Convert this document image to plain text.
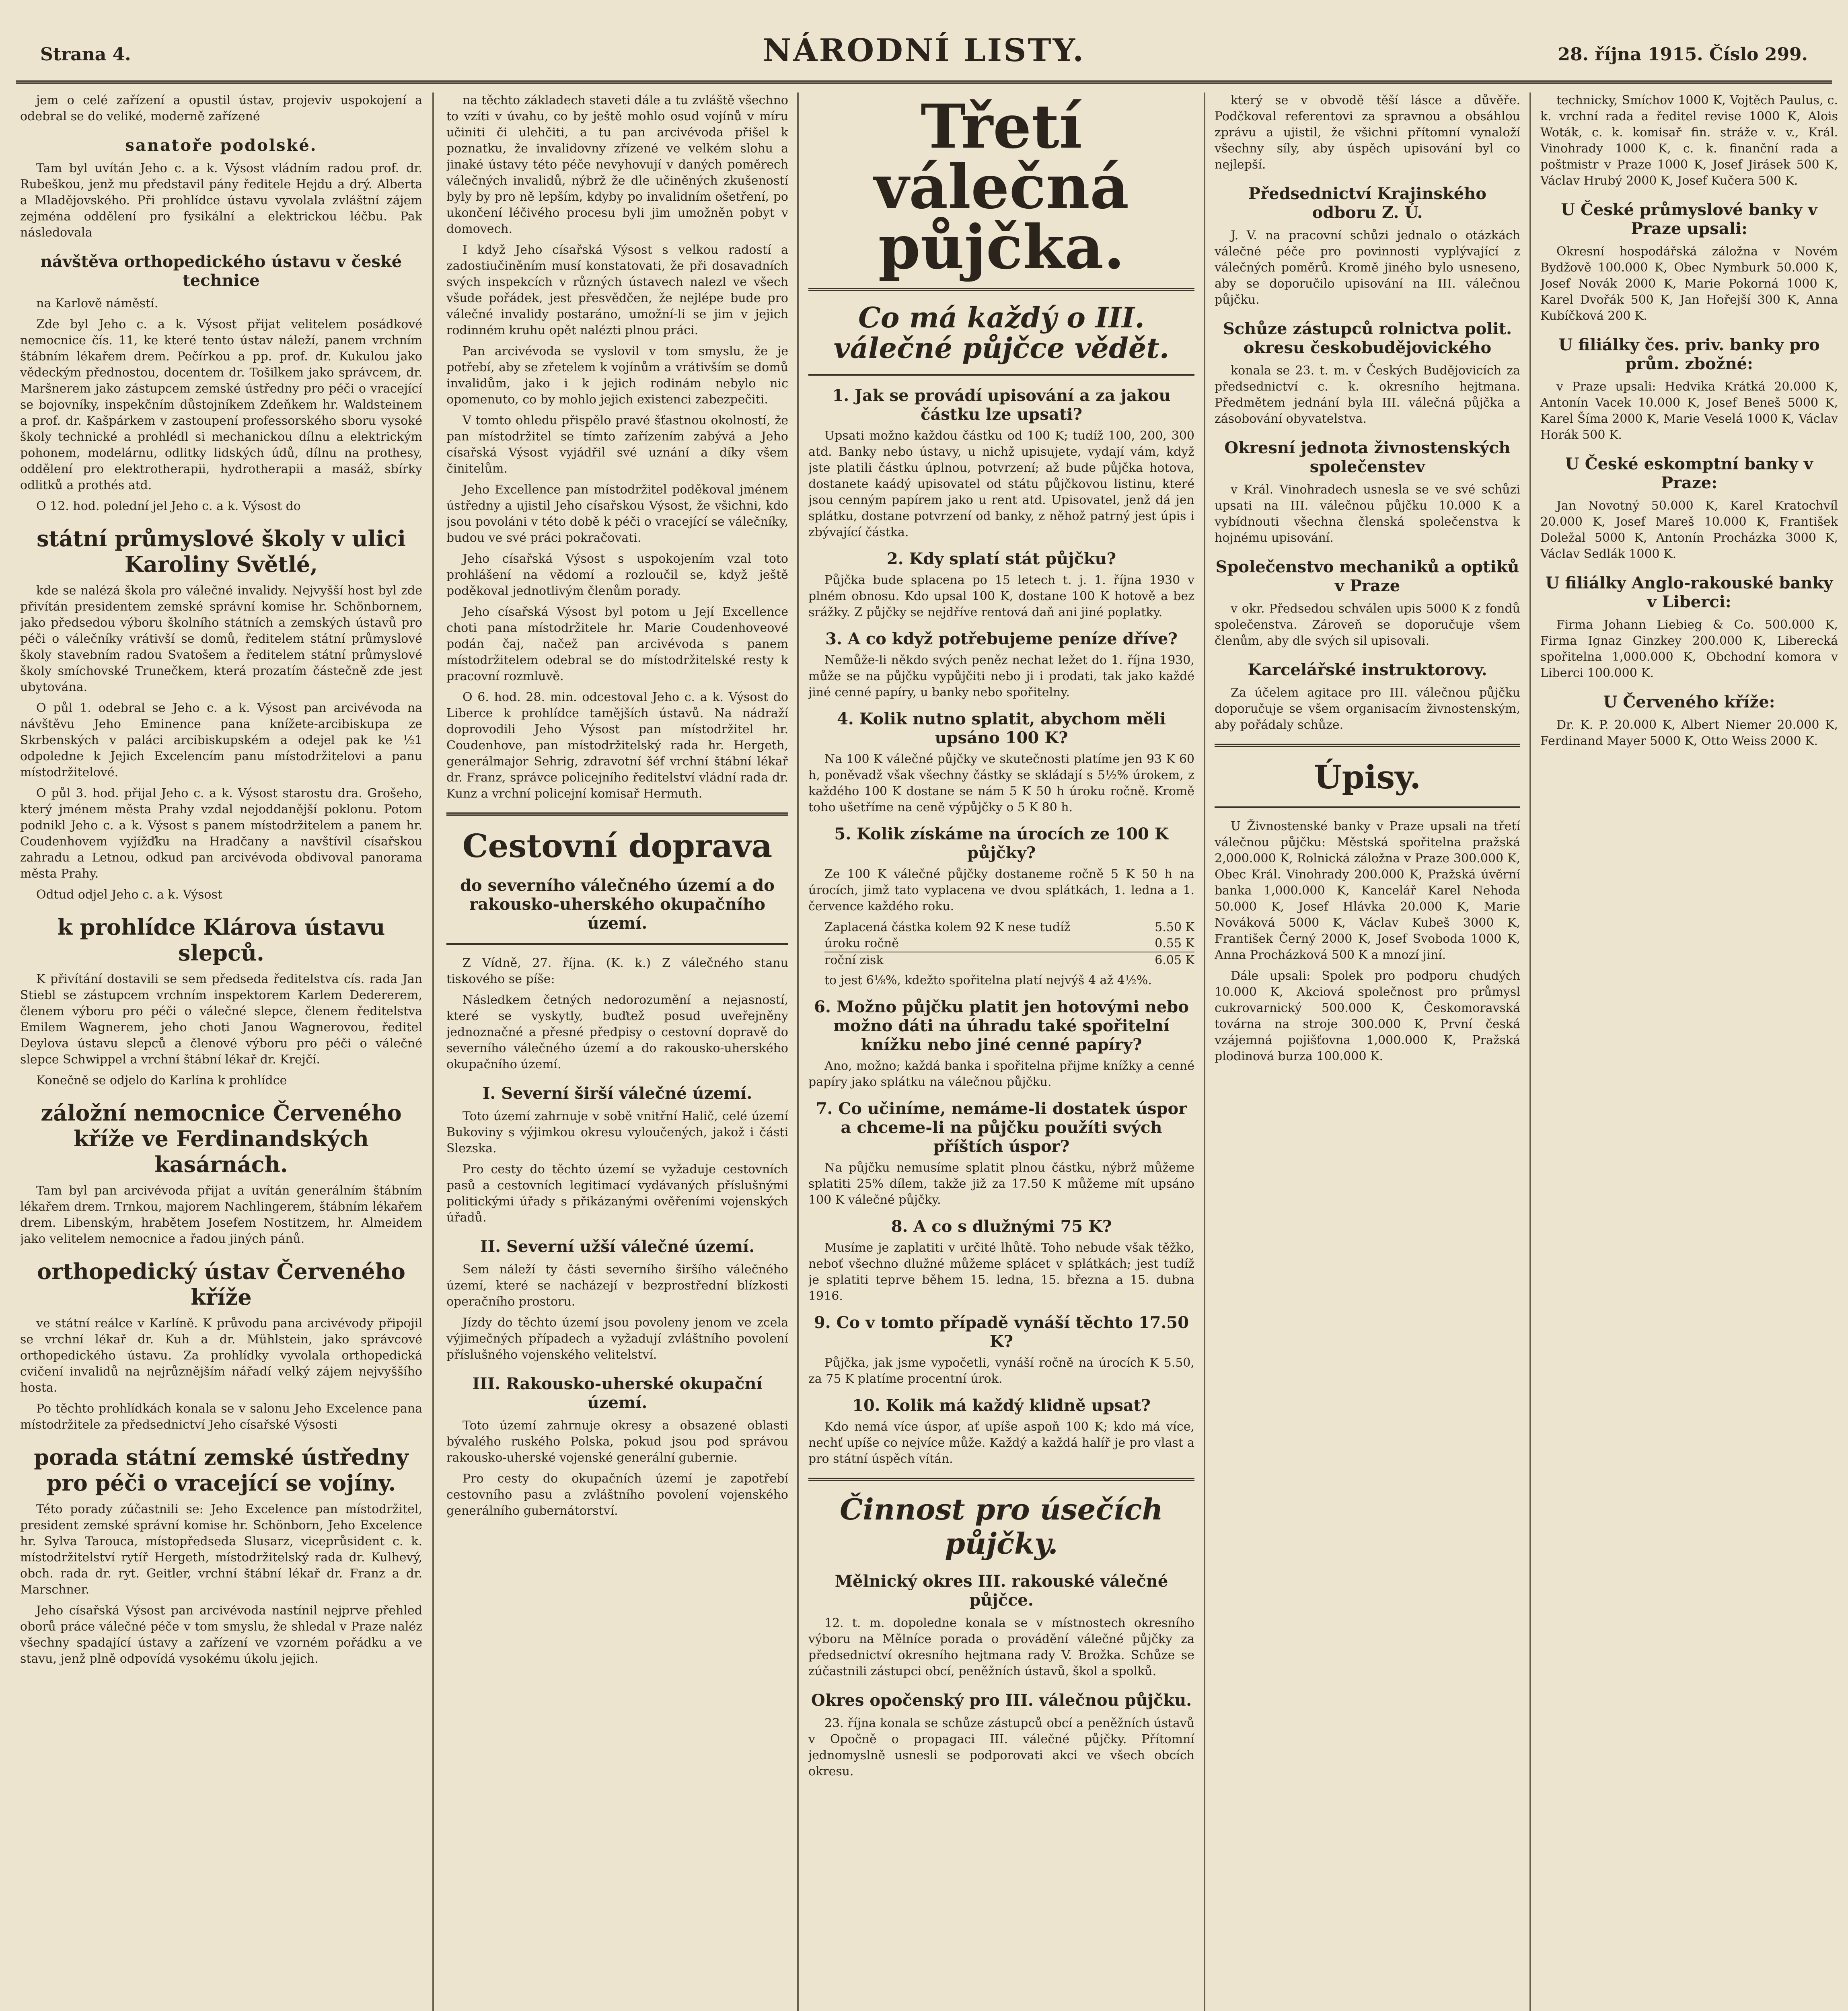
Strana 4.	NÁRODNÍ LISTY.	28. října 1915. Číslo 299.

jem o celé zařízení a opustil ústav, projeviv uspokojení a odebral se do veliké, moderně zařízené

sanatoře podolské.

Tam byl uvítán Jeho c. a k. Výsost vládním radou prof. dr. Rubeškou, jenž mu představil pány ředitele Hejdu a drý. Alberta a Mladějovského. Při prohlídce ústavu vyvolala zvláštní zájem zejména oddělení pro fysikální a elektrickou léčbu. Pak následovala

návštěva orthopedického ústavu v české technice

na Karlově náměstí.

Zde byl Jeho c. a k. Výsost přijat velitelem posádkové nemocnice čís. 11, ke které tento ústav náleží, panem vrchním štábním lékařem drem. Pečírkou a pp. prof. dr. Kukulou jako vědeckým přednostou, docentem dr. Tošilkem jako správcem, dr. Maršnerem jako zástupcem zemské ústředny pro péči o vracející se bojovníky, inspekčním důstojníkem Zdeňkem hr. Waldsteinem a prof. dr. Kašpárkem v zastoupení professorského sboru vysoké školy technické a prohlédl si mechanickou dílnu a elektrickým pohonem, modelárnu, odlitky lidských údů, dílnu na prothesy, oddělení pro elektrotherapii, hydrotherapii a masáž, sbírky odlitků a prothés atd.

O 12. hod. polední jel Jeho c. a k. Výsost do

státní průmyslové školy v ulici Karoliny Světlé,

kde se nalézá škola pro válečné invalidy. Nejvyšší host byl zde přivítán presidentem zemské správní komise hr. Schönbornem, jako předsedou výboru školního státních a zemských ústavů pro péči o válečníky vrátivší se domů, ředitelem státní průmyslové školy stavebním radou Svatošem a ředitelem státní průmyslové školy smíchovské Trunečkem, která prozatím částečně zde jest ubytována.

O půl 1. odebral se Jeho c. a k. Výsost pan arcivévoda na návštěvu Jeho Eminence pana knížete-arcibiskupa ze Skrbenských v paláci arcibiskupském a odejel pak ke ½1 odpoledne k Jejich Excelencím panu místodržitelovi a panu místodržitelové.

O půl 3. hod. přijal Jeho c. a k. Výsost starostu dra. Grošeho, který jménem města Prahy vzdal nejoddanější poklonu. Potom podnikl Jeho c. a k. Výsost s panem místodržitelem a panem hr. Coudenhovem vyjížďku na Hradčany a navštívil císařskou zahradu a Letnou, odkud pan arcivévoda obdivoval panorama města Prahy.

Odtud odjel Jeho c. a k. Výsost

k prohlídce Klárova ústavu slepců.

K přivítání dostavili se sem předseda ředitelstva cís. rada Jan Stiebl se zástupcem vrchním inspektorem Karlem Dedererem, členem výboru pro péči o válečné slepce, členem ředitelstva Emilem Wagnerem, jeho choti Janou Wagnerovou, ředitel Deylova ústavu slepců a členové výboru pro péči o válečné slepce Schwippel a vrchní štábní lékař dr. Krejčí.

Konečně se odjelo do Karlína k prohlídce

záložní nemocnice Červeného kříže ve Ferdinandských kasárnách.

Tam byl pan arcivévoda přijat a uvítán generálním štábním lékařem drem. Trnkou, majorem Nachlingerem, štábním lékařem drem. Libenským, hrabětem Josefem Nostitzem, hr. Almeidem jako velitelem nemocnice a řadou jiných pánů.

orthopedický ústav Červeného kříže

ve státní reálce v Karlíně. K průvodu pana arcivévody připojil se vrchní lékař dr. Kuh a dr. Mühlstein, jako správcové orthopedického ústavu. Za prohlídky vyvolala orthopedická cvičení invalidů na nejrůznějším nářadí velký zájem nejvyššího hosta.

Po těchto prohlídkách konala se v salonu Jeho Excelence pana místodržitele za předsednictví Jeho císařské Výsosti

porada státní zemské ústředny pro péči o vracející se vojíny.

Této porady zúčastnili se: Jeho Excelence pan místodržitel, president zemské správní komise hr. Schönborn, Jeho Excelence hr. Sylva Tarouca, místopředseda Slusarz, viceprůsident c. k. místodržitelství rytíř Hergeth, místodržitelský rada dr. Kulhevý, obch. rada dr. ryt. Geitler, vrchní štábní lékař dr. Franz a dr. Marschner.

Jeho císařská Výsost pan arcivévoda nastínil nejprve přehled oborů práce válečné péče v tom smyslu, že shledal v Praze naléz všechny spadající ústavy a zařízení ve vzorném pořádku a ve stavu, jenž plně odpovídá vysokému úkolu jejich.

na těchto základech staveti dále a tu zvláště všechno to vzíti v úvahu, co by ještě mohlo osud vojínů v míru učiniti či ulehčiti, a tu pan arcivévoda přišel k poznatku, že invalidovny zřízené ve velkém slohu a jinaké ústavy této péče nevyhovují v daných poměrech válečných invalidů, nýbrž že dle učiněných zkušeností byly by pro ně lepším, kdyby po invalidním ošetření, po ukončení léčivého procesu byli jim umožněn pobyt v domovech.

I když Jeho císařská Výsost s velkou radostí a zadostiučiněním musí konstatovati, že při dosavadních svých inspekcích v různých ústavech nalezl ve všech všude pořádek, jest přesvědčen, že nejlépe bude pro válečné invalidy postaráno, umožní-li se jim v jejich rodinném kruhu opět nalézti plnou práci.

Pan arcivévoda se vyslovil v tom smyslu, že je potřebí, aby se zřetelem k vojínům a vrátivším se domů invalidům, jako i k jejich rodinám nebylo nic opomenuto, co by mohlo jejich existenci zabezpečiti.

V tomto ohledu přispělo pravé šťastnou okolností, že pan místodržitel se tímto zařízením zabývá a Jeho císařská Výsost vyjádřil své uznání a díky všem činitelům.

Jeho Excellence pan místodržitel poděkoval jménem ústředny a ujistil Jeho císařskou Výsost, že všichni, kdo jsou povoláni v této době k péči o vracející se válečníky, budou ve své práci pokračovati.

Jeho císařská Výsost s uspokojením vzal toto prohlášení na vědomí a rozloučil se, když ještě poděkoval jednotlivým členům porady.

Jeho císařská Výsost byl potom u Její Excellence choti pana místodržitele hr. Marie Coudenhoveové podán čaj, načež pan arcivévoda s panem místodržitelem odebral se do místodržitelské resty k pracovní rozmluvě.

O 6. hod. 28. min. odcestoval Jeho c. a k. Výsost do Liberce k prohlídce tamějších ústavů. Na nádraží doprovodili Jeho Výsost pan místodržitel hr. Coudenhove, pan místodržitelský rada hr. Hergeth, generálmajor Sehrig, zdravotní šéf vrchní štábní lékař dr. Franz, správce policejního ředitelství vládní rada dr. Kunz a vrchní policejní komisař Hermuth.

Cestovní doprava
do severního válečného území a do rakousko-uherského okupačního území.

Z Vídně, 27. října. (K. k.) Z válečného stanu tiskového se píše:

Následkem četných nedorozumění a nejasností, které se vyskytly, buďtež posud uveřejněny jednoznačné a přesné předpisy o cestovní dopravě do severního válečného území a do rakousko-uherského okupačního území.

I. Severní širší válečné území.

Toto území zahrnuje v sobě vnitřní Halič, celé území Bukoviny s výjimkou okresu vyloučených, jakož i části Slezska.

Pro cesty do těchto území se vyžaduje cestovních pasů a cestovních legitimací vydávaných příslušnými politickými úřady s přikázanými ověřeními vojenských úřadů.

II. Severní užší válečné území.

Sem náleží ty části severního širšího válečného území, které se nacházejí v bezprostřední blízkosti operačního prostoru.

Jízdy do těchto území jsou povoleny jenom ve zcela výjimečných případech a vyžadují zvláštního povolení příslušného vojenského velitelství.

III. Rakousko-uherské okupační území.

Toto území zahrnuje okresy a obsazené oblasti bývalého ruského Polska, pokud jsou pod správou rakousko-uherské vojenské generální gubernie.

Pro cesty do okupačních území je zapotřebí cestovního pasu a zvláštního povolení vojenského generálního gubernátorství.

Třetí válečná půjčka.
Co má každý o III. válečné půjčce vědět.
1. Jak se provádí upisování a za jakou částku lze upsati?

Upsati možno každou částku od 100 K; tudíž 100, 200, 300 atd. Banky nebo ústavy, u nichž upisujete, vydají vám, když jste platili částku úplnou, potvrzení; až bude půjčka hotova, dostanete kaádý upisovatel od státu půjčkovou listinu, které jsou cenným papírem jako u rent atd. Upisovatel, jenž dá jen splátku, dostane potvrzení od banky, z něhož patrný jest úpis i zbývající částka.

2. Kdy splatí stát půjčku?

Půjčka bude splacena po 15 letech t. j. 1. října 1930 v plném obnosu. Kdo upsal 100 K, dostane 100 K hotově a bez srážky. Z půjčky se nejdříve rentová daň ani jiné poplatky.

3. A co když potřebujeme peníze dříve?

Nemůže-li někdo svých peněz nechat ležet do 1. října 1930, může se na půjčku vypůjčiti nebo ji i prodati, tak jako každé jiné cenné papíry, u banky nebo spořitelny.

4. Kolik nutno splatit, abychom měli upsáno 100 K?

Na 100 K válečné půjčky ve skutečnosti platíme jen 93 K 60 h, poněvadž však všechny částky se skládají s 5½% úrokem, z každého 100 K dostane se nám 5 K 50 h úroku ročně. Kromě toho ušetříme na ceně výpůjčky o 5 K 80 h.

5. Kolik získáme na úrocích ze 100 K půjčky?

Ze 100 K válečné půjčky dostaneme ročně 5 K 50 h na úrocích, jimž tato vyplacena ve dvou splátkách, 1. ledna a 1. července každého roku.

Zaplacená částka kolem 92 K nese tudíž	5.50 K
úroku ročně	0.55 K
roční zisk	6.05 K

to jest 6⅛%, kdežto spořitelna platí nejvýš 4 až 4½%.

6. Možno půjčku platit jen hotovými nebo možno dáti na úhradu také spořitelní knížku nebo jiné cenné papíry?

Ano, možno; každá banka i spořitelna přijme knížky a cenné papíry jako splátku na válečnou půjčku.

7. Co učiníme, nemáme-li dostatek úspor a chceme-li na půjčku použíti svých příštích úspor?

Na půjčku nemusíme splatit plnou částku, nýbrž můžeme splatiti 25% dílem, takže již za 17.50 K můžeme mít upsáno 100 K válečné půjčky.

8. A co s dlužnými 75 K?

Musíme je zaplatiti v určité lhůtě. Toho nebude však těžko, neboť všechno dlužné můžeme splácet v splátkách; jest tudíž je splatiti teprve během 15. ledna, 15. března a 15. dubna 1916.

9. Co v tomto případě vynáší těchto 17.50 K?

Půjčka, jak jsme vypočetli, vynáší ročně na úrocích K 5.50, za 75 K platíme procentní úrok.

10. Kolik má každý klidně upsat?

Kdo nemá více úspor, ať upíše aspoň 100 K; kdo má více, nechť upíše co nejvíce může. Každý a každá halíř je pro vlast a pro státní úspěch vítán.

Činnost pro úsečích půjčky.
Mělnický okres III. rakouské válečné půjčce.

12. t. m. dopoledne konala se v místnostech okresního výboru na Mělníce porada o provádění válečné půjčky za předsednictví okresního hejtmana rady V. Brožka. Schůze se zúčastnili zástupci obcí, peněžních ústavů, škol a spolků.

Okres opočenský pro III. válečnou půjčku.

23. října konala se schůze zástupců obcí a peněžních ústavů v Opočně o propagaci III. válečné půjčky. Přítomní jednomyslně usnesli se podporovati akci ve všech obcích okresu.

který se v obvodě těší lásce a důvěře. Podčkoval referentovi za spravnou a obsáhlou zprávu a ujistil, že všichni přítomní vynaloží všechny síly, aby úspěch upisování byl co nejlepší.

Předsednictví Krajinského odboru Z. Ú.

J. V. na pracovní schůzi jednalo o otázkách válečné péče pro povinnosti vyplývající z válečných poměrů. Kromě jiného bylo usneseno, aby se doporučilo upisování na III. válečnou půjčku.

Schůze zástupců rolnictva polit. okresu českobudějovického

konala se 23. t. m. v Českých Budějovicích za předsednictví c. k. okresního hejtmana. Předmětem jednání byla III. válečná půjčka a zásobování obyvatelstva.

Okresní jednota živnostenských společenstev

v Král. Vinohradech usnesla se ve své schůzi upsati na III. válečnou půjčku 10.000 K a vybídnouti všechna členská společenstva k hojnému upisování.

Společenstvo mechaniků a optiků v Praze

v okr. Předsedou schválen upis 5000 K z fondů společenstva. Zároveň se doporučuje všem členům, aby dle svých sil upisovali.

Karcelářské instruktorovy.

Za účelem agitace pro III. válečnou půjčku doporučuje se všem organisacím živnostenským, aby pořádaly schůze.

Úpisy.

U Živnostenské banky v Praze upsali na třetí válečnou půjčku: Městská spořitelna pražská 2,000.000 K, Rolnická záložna v Praze 300.000 K, Obec Král. Vinohrady 200.000 K, Pražská úvěrní banka 1,000.000 K, Kancelář Karel Nehoda 50.000 K, Josef Hlávka 20.000 K, Marie Nováková 5000 K, Václav Kubeš 3000 K, František Černý 2000 K, Josef Svoboda 1000 K, Anna Procházková 500 K a mnozí jiní.

Dále upsali: Spolek pro podporu chudých 10.000 K, Akciová společnost pro průmysl cukrovarnický 500.000 K, Českomoravská továrna na stroje 300.000 K, První česká vzájemná pojišťovna 1,000.000 K, Pražská plodinová burza 100.000 K.

technicky, Smíchov 1000 K, Vojtěch Paulus, c. k. vrchní rada a ředitel revise 1000 K, Alois Woták, c. k. komisař fin. stráže v. v., Král. Vinohrady 1000 K, c. k. finanční rada a poštmistr v Praze 1000 K, Josef Jirásek 500 K, Václav Hrubý 2000 K, Josef Kučera 500 K.

U České průmyslové banky v Praze upsali:

Okresní hospodářská záložna v Novém Bydžově 100.000 K, Obec Nymburk 50.000 K, Josef Novák 2000 K, Marie Pokorná 1000 K, Karel Dvořák 500 K, Jan Hořejší 300 K, Anna Kubíčková 200 K.

U filiálky čes. priv. banky pro prům. zbožné:

v Praze upsali: Hedvika Krátká 20.000 K, Antonín Vacek 10.000 K, Josef Beneš 5000 K, Karel Šíma 2000 K, Marie Veselá 1000 K, Václav Horák 500 K.

U České eskomptní banky v Praze:

Jan Novotný 50.000 K, Karel Kratochvíl 20.000 K, Josef Mareš 10.000 K, František Doležal 5000 K, Antonín Procházka 3000 K, Václav Sedlák 1000 K.

U filiálky Anglo-rakouské banky v Liberci:

Firma Johann Liebieg & Co. 500.000 K, Firma Ignaz Ginzkey 200.000 K, Liberecká spořitelna 1,000.000 K, Obchodní komora v Liberci 100.000 K.

U Červeného kříže:

Dr. K. P. 20.000 K, Albert Niemer 20.000 K, Ferdinand Mayer 5000 K, Otto Weiss 2000 K.
